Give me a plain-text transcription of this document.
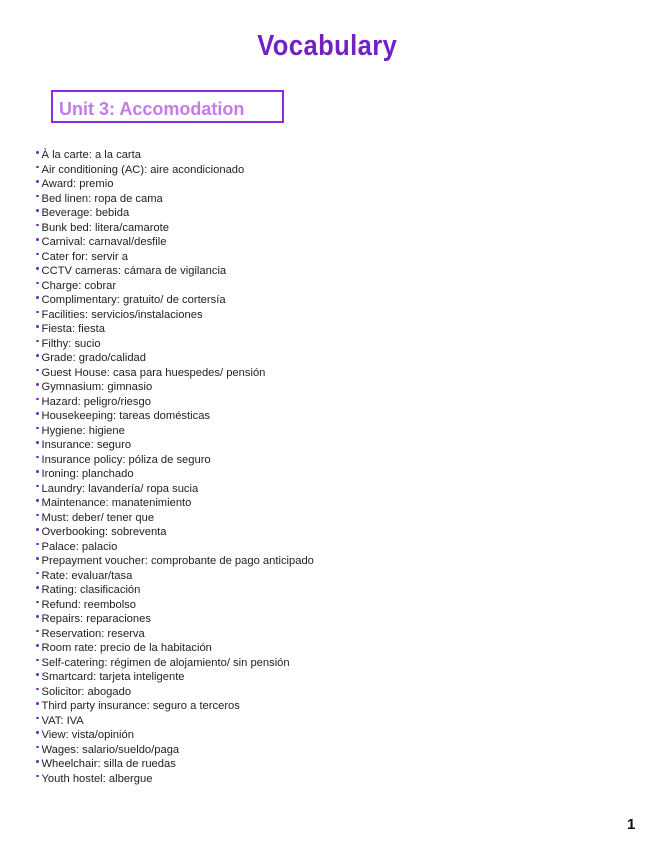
Vocabulary
Unit 3: Accomodation
À la carte: a la carta
Air conditioning (AC): aire acondicionado
Award: premio
Bed linen: ropa de cama
Beverage: bebida
Bunk bed: litera/camarote
Carnival: carnaval/desfile
Cater for: servir a
CCTV cameras: cámara de vigilancia
Charge: cobrar
Complimentary: gratuito/ de cortersía
Facilities: servicios/instalaciones
Fiesta: fiesta
Filthy: sucio
Grade: grado/calidad
Guest House: casa para huespedes/ pensión
Gymnasium: gimnasio
Hazard: peligro/riesgo
Housekeeping: tareas domésticas
Hygiene: higiene
Insurance: seguro
Insurance policy: póliza de seguro
Ironing: planchado
Laundry: lavandería/ ropa sucia
Maintenance: manatenimiento
Must: deber/ tener que
Overbooking: sobreventa
Palace: palacio
Prepayment voucher: comprobante de pago anticipado
Rate: evaluar/tasa
Rating: clasificación
Refund: reembolso
Repairs: reparaciones
Reservation: reserva
Room rate: precio de la habitación
Self-catering: régimen de alojamiento/ sin pensión
Smartcard: tarjeta inteligente
Solicitor: abogado
Third party insurance: seguro a terceros
VAT: IVA
View: vista/opinión
Wages: salario/sueldo/paga
Wheelchair: silla de ruedas
Youth hostel: albergue
1
